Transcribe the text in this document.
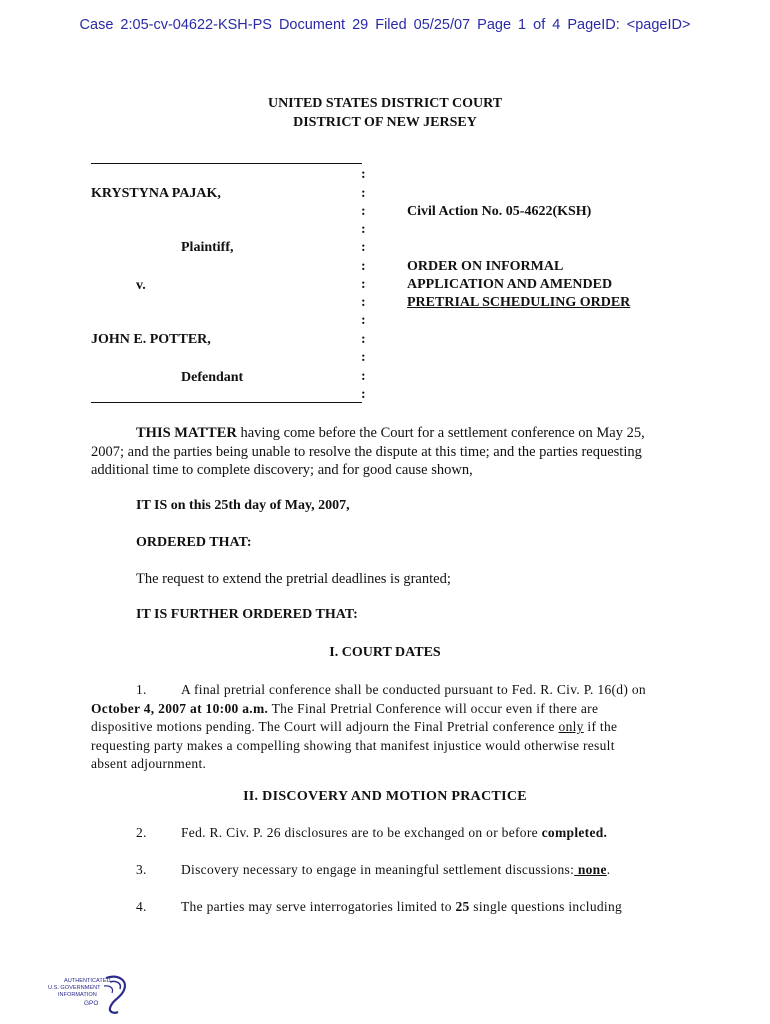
Case 2:05-cv-04622-KSH-PS Document 29 Filed 05/25/07 Page 1 of 4 PageID: <pageID>
UNITED STATES DISTRICT COURT
DISTRICT OF NEW JERSEY
KRYSTYNA PAJAK,
Plaintiff,
v.
JOHN E. POTTER,
Defendant
:
:
:
:
:
:
:
:
:
:
:
:
:
Civil Action No. 05-4622(KSH)
ORDER ON INFORMAL
APPLICATION AND AMENDED
PRETRIAL SCHEDULING ORDER
THIS MATTER having come before the Court for a settlement conference on May 25,
2007; and the parties being unable to resolve the dispute at this time; and the parties requesting
additional time to complete discovery; and for good cause shown,
IT IS on this 25th day of May, 2007,
ORDERED THAT:
The request to extend the pretrial deadlines is granted;
IT IS FURTHER ORDERED THAT:
I. COURT DATES
1.	A final pretrial conference shall be conducted pursuant to Fed. R. Civ. P. 16(d) on
October 4, 2007 at 10:00 a.m. The Final Pretrial Conference will occur even if there are
dispositive motions pending. The Court will adjourn the Final Pretrial conference only if the
requesting party makes a compelling showing that manifest injustice would otherwise result
absent adjournment.
II. DISCOVERY AND MOTION PRACTICE
2.	Fed. R. Civ. P. 26 disclosures are to be exchanged on or before completed.
3.	Discovery necessary to engage in meaningful settlement discussions: none.
4.	The parties may serve interrogatories limited to 25 single questions including
AUTHENTICATED
U.S. GOVERNMENT
INFORMATION
GPO
